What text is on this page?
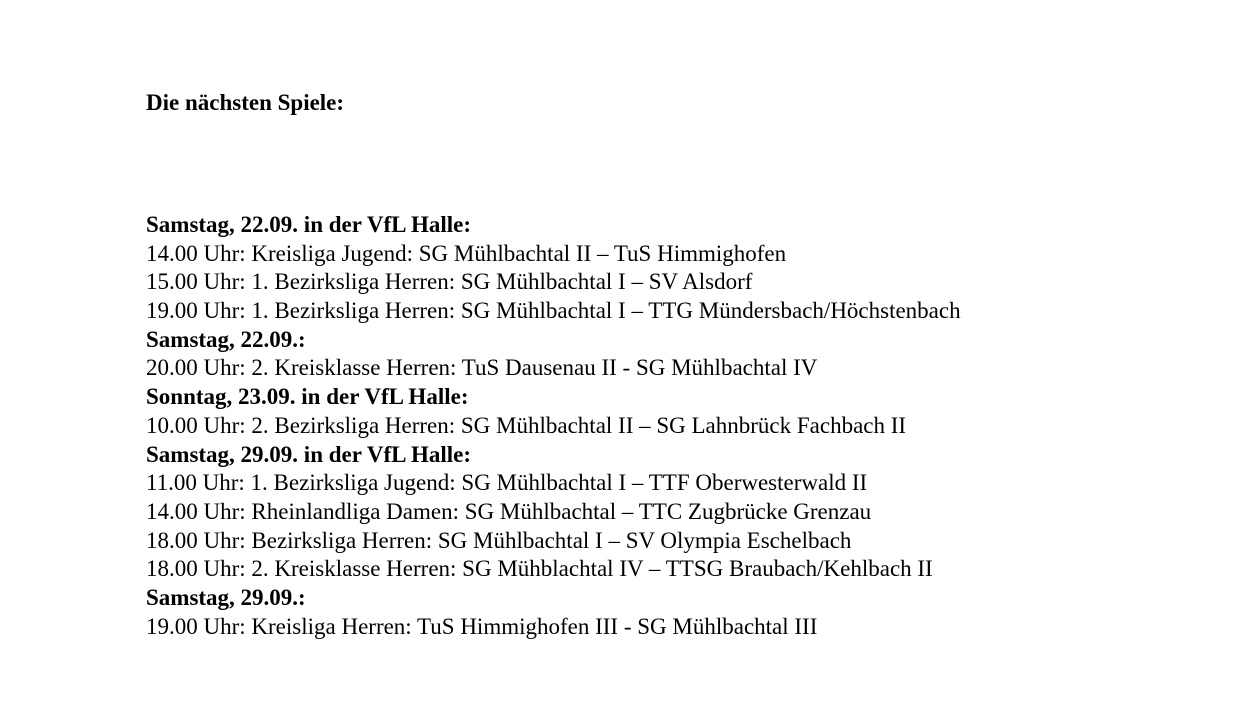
Die nächsten Spiele:
Samstag, 22.09. in der VfL Halle:
14.00 Uhr: Kreisliga Jugend: SG Mühlbachtal II – TuS Himmighofen
15.00 Uhr: 1. Bezirksliga Herren: SG Mühlbachtal I – SV Alsdorf
19.00 Uhr: 1. Bezirksliga Herren: SG Mühlbachtal I – TTG Mündersbach/Höchstenbach
Samstag, 22.09.:
20.00 Uhr: 2. Kreisklasse Herren: TuS Dausenau II - SG Mühlbachtal IV
Sonntag, 23.09. in der VfL Halle:
10.00 Uhr: 2. Bezirksliga Herren: SG Mühlbachtal II – SG Lahnbrück Fachbach II
Samstag, 29.09. in der VfL Halle:
11.00 Uhr: 1. Bezirksliga Jugend: SG Mühlbachtal I – TTF Oberwesterwald II
14.00 Uhr: Rheinlandliga Damen: SG Mühlbachtal – TTC Zugbrücke Grenzau
18.00 Uhr: Bezirksliga Herren: SG Mühlbachtal I – SV Olympia Eschelbach
18.00 Uhr: 2. Kreisklasse Herren: SG Mühblachtal IV – TTSG Braubach/Kehlbach II
Samstag, 29.09.:
19.00 Uhr: Kreisliga Herren: TuS Himmighofen III - SG Mühlbachtal III
